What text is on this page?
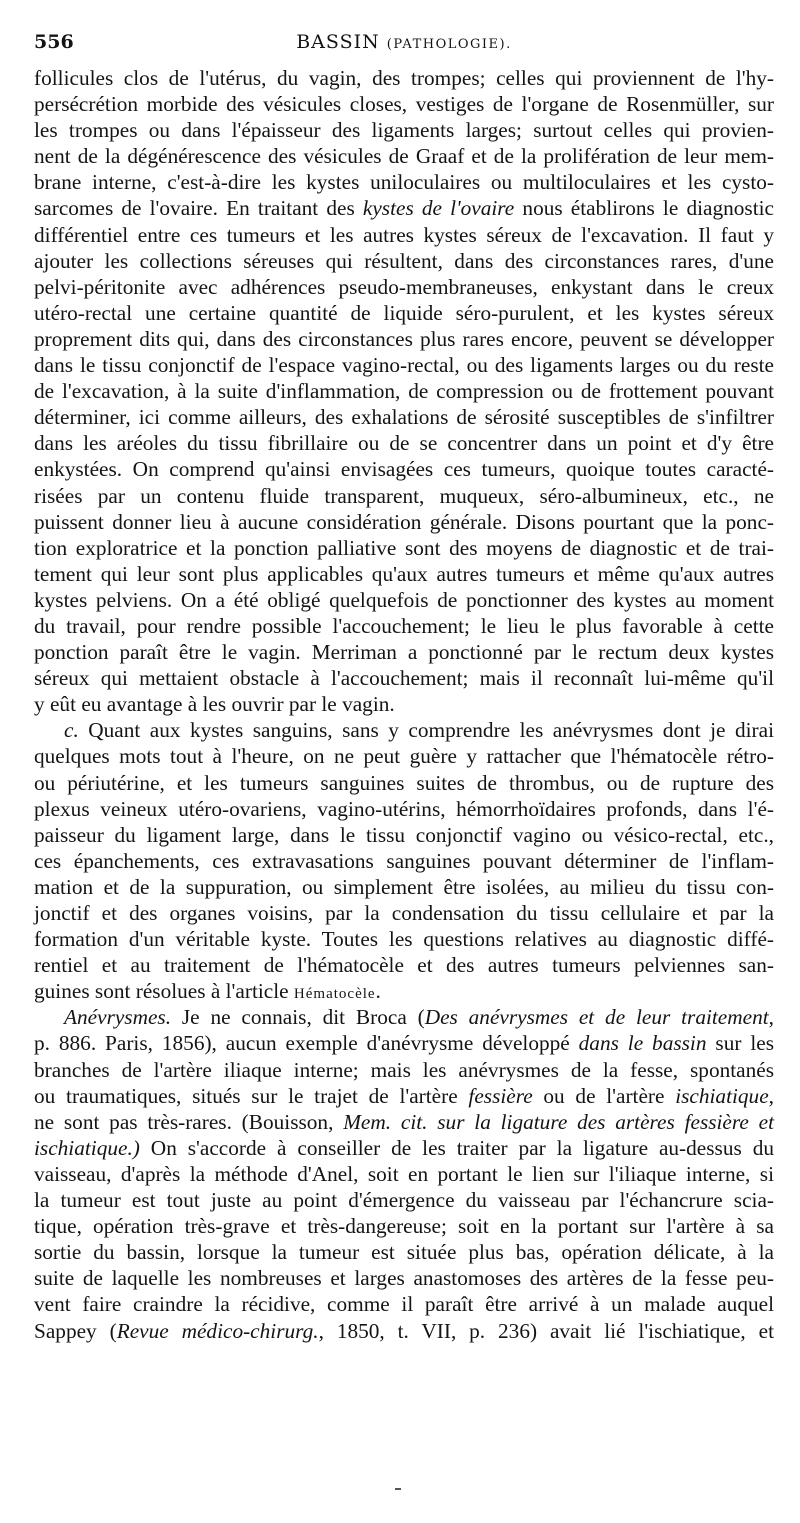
556	BASSIN (PATHOLOGIE).
follicules clos de l'utérus, du vagin, des trompes; celles qui proviennent de l'hy-
persécrétion morbide des vésicules closes, vestiges de l'organe de Rosenmüller, sur
les trompes ou dans l'épaisseur des ligaments larges; surtout celles qui provien-
nent de la dégénérescence des vésicules de Graaf et de la prolifération de leur mem-
brane interne, c'est-à-dire les kystes uniloculaires ou multiloculaires et les cysto-
sarcomes de l'ovaire. En traitant des kystes de l'ovaire nous établirons le diagnostic
différentiel entre ces tumeurs et les autres kystes séreux de l'excavation. Il faut y
ajouter les collections séreuses qui résultent, dans des circonstances rares, d'une
pelvi-péritonite avec adhérences pseudo-membraneuses, enkystant dans le creux
utéro-rectal une certaine quantité de liquide séro-purulent, et les kystes séreux
proprement dits qui, dans des circonstances plus rares encore, peuvent se développer
dans le tissu conjonctif de l'espace vagino-rectal, ou des ligaments larges ou du reste
de l'excavation, à la suite d'inflammation, de compression ou de frottement pouvant
déterminer, ici comme ailleurs, des exhalations de sérosité susceptibles de s'infiltrer
dans les aréoles du tissu fibrillaire ou de se concentrer dans un point et d'y être
enkystées. On comprend qu'ainsi envisagées ces tumeurs, quoique toutes caracté-
risées par un contenu fluide transparent, muqueux, séro-albumineux, etc., ne
puissent donner lieu à aucune considération générale. Disons pourtant que la ponc-
tion exploratrice et la ponction palliative sont des moyens de diagnostic et de trai-
tement qui leur sont plus applicables qu'aux autres tumeurs et même qu'aux autres
kystes pelviens. On a été obligé quelquefois de ponctionner des kystes au moment
du travail, pour rendre possible l'accouchement; le lieu le plus favorable à cette
ponction paraît être le vagin. Merriman a ponctionné par le rectum deux kystes
séreux qui mettaient obstacle à l'accouchement; mais il reconnaît lui-même qu'il
y eût eu avantage à les ouvrir par le vagin.
c. Quant aux kystes sanguins, sans y comprendre les anévrysmes dont je dirai
quelques mots tout à l'heure, on ne peut guère y rattacher que l'hématocèle rétro-
ou périutérine, et les tumeurs sanguines suites de thrombus, ou de rupture des
plexus veineux utéro-ovariens, vagino-utérins, hémorrhoïdaires profonds, dans l'é-
paisseur du ligament large, dans le tissu conjonctif vagino ou vésico-rectal, etc.,
ces épanchements, ces extravasations sanguines pouvant déterminer de l'inflam-
mation et de la suppuration, ou simplement être isolées, au milieu du tissu con-
jonctif et des organes voisins, par la condensation du tissu cellulaire et par la
formation d'un véritable kyste. Toutes les questions relatives au diagnostic diffé-
rentiel et au traitement de l'hématocèle et des autres tumeurs pelviennes san-
guines sont résolues à l'article Hématocèle.
Anévrysmes. Je ne connais, dit Broca (Des anévrysmes et de leur traitement,
p. 886. Paris, 1856), aucun exemple d'anévrysme développé dans le bassin sur les
branches de l'artère iliaque interne; mais les anévrysmes de la fesse, spontanés
ou traumatiques, situés sur le trajet de l'artère fessière ou de l'artère ischiatique,
ne sont pas très-rares. (Bouisson, Mem. cit. sur la ligature des artères fessière et
ischiatique.) On s'accorde à conseiller de les traiter par la ligature au-dessus du
vaisseau, d'après la méthode d'Anel, soit en portant le lien sur l'iliaque interne, si
la tumeur est tout juste au point d'émergence du vaisseau par l'échancrure scia-
tique, opération très-grave et très-dangereuse; soit en la portant sur l'artère à sa
sortie du bassin, lorsque la tumeur est située plus bas, opération délicate, à la
suite de laquelle les nombreuses et larges anastomoses des artères de la fesse peu-
vent faire craindre la récidive, comme il paraît être arrivé à un malade auquel
Sappey (Revue médico-chirurg., 1850, t. VII, p. 236) avait lié l'ischiatique, et
